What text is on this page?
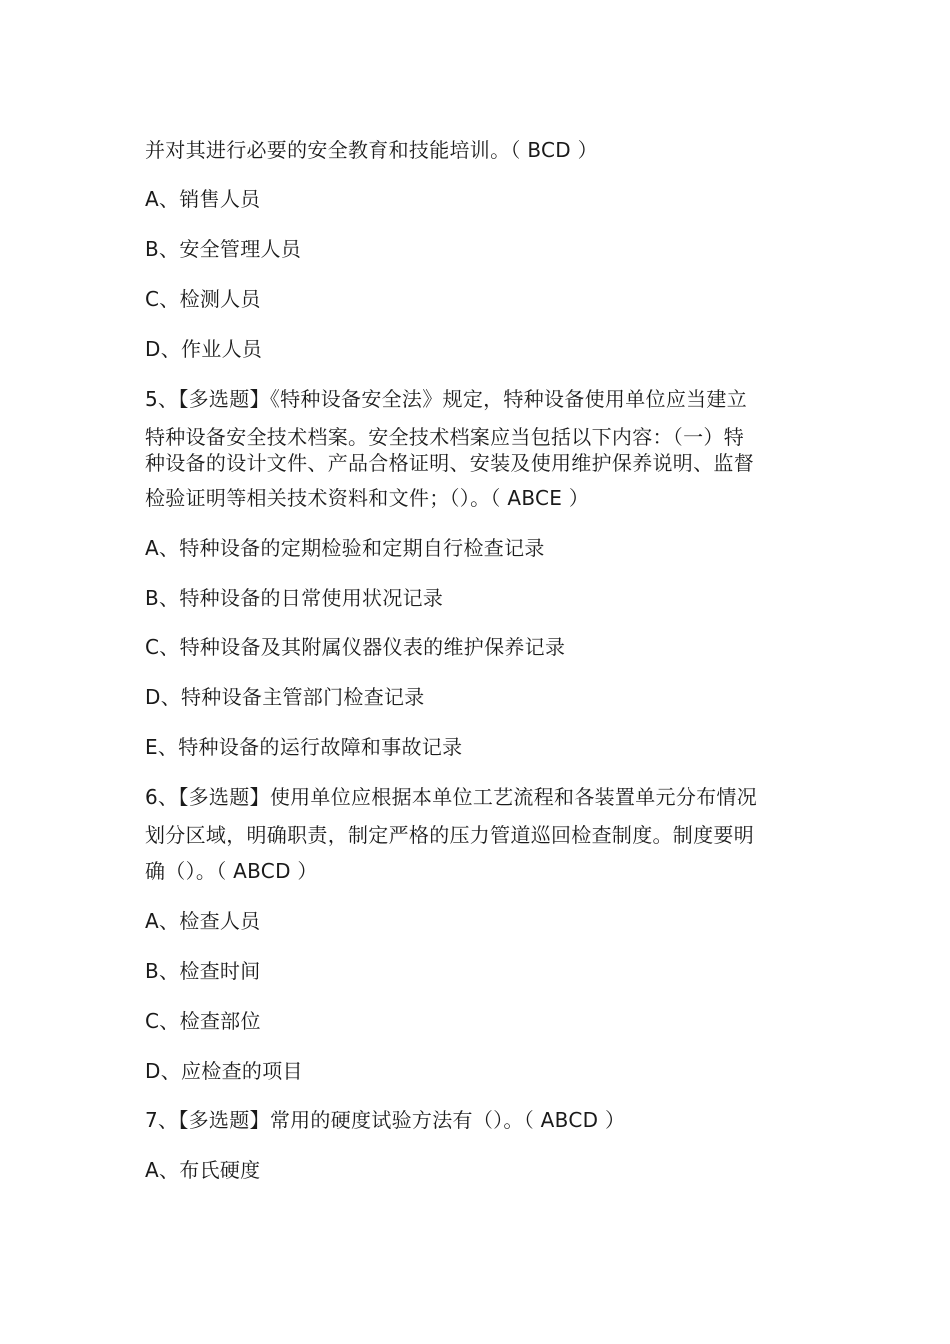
并对其进行必要的安全教育和技能培训。（ BCD ）
A、销售人员
B、安全管理人员
C、检测人员
D、作业人员
5、【多选题】《特种设备安全法》规定，特种设备使用单位应当建立
特种设备安全技术档案。安全技术档案应当包括以下内容：（一）特
种设备的设计文件、产品合格证明、安装及使用维护保养说明、监督
检验证明等相关技术资料和文件；（）。（ ABCE ）
A、特种设备的定期检验和定期自行检查记录
B、特种设备的日常使用状况记录
C、特种设备及其附属仪器仪表的维护保养记录
D、特种设备主管部门检查记录
E、特种设备的运行故障和事故记录
6、【多选题】使用单位应根据本单位工艺流程和各装置单元分布情况
划分区域，明确职责，制定严格的压力管道巡回检查制度。制度要明
确（）。（ ABCD ）
A、检查人员
B、检查时间
C、检查部位
D、应检查的项目
7、【多选题】常用的硬度试验方法有（）。（ ABCD ）
A、布氏硬度
